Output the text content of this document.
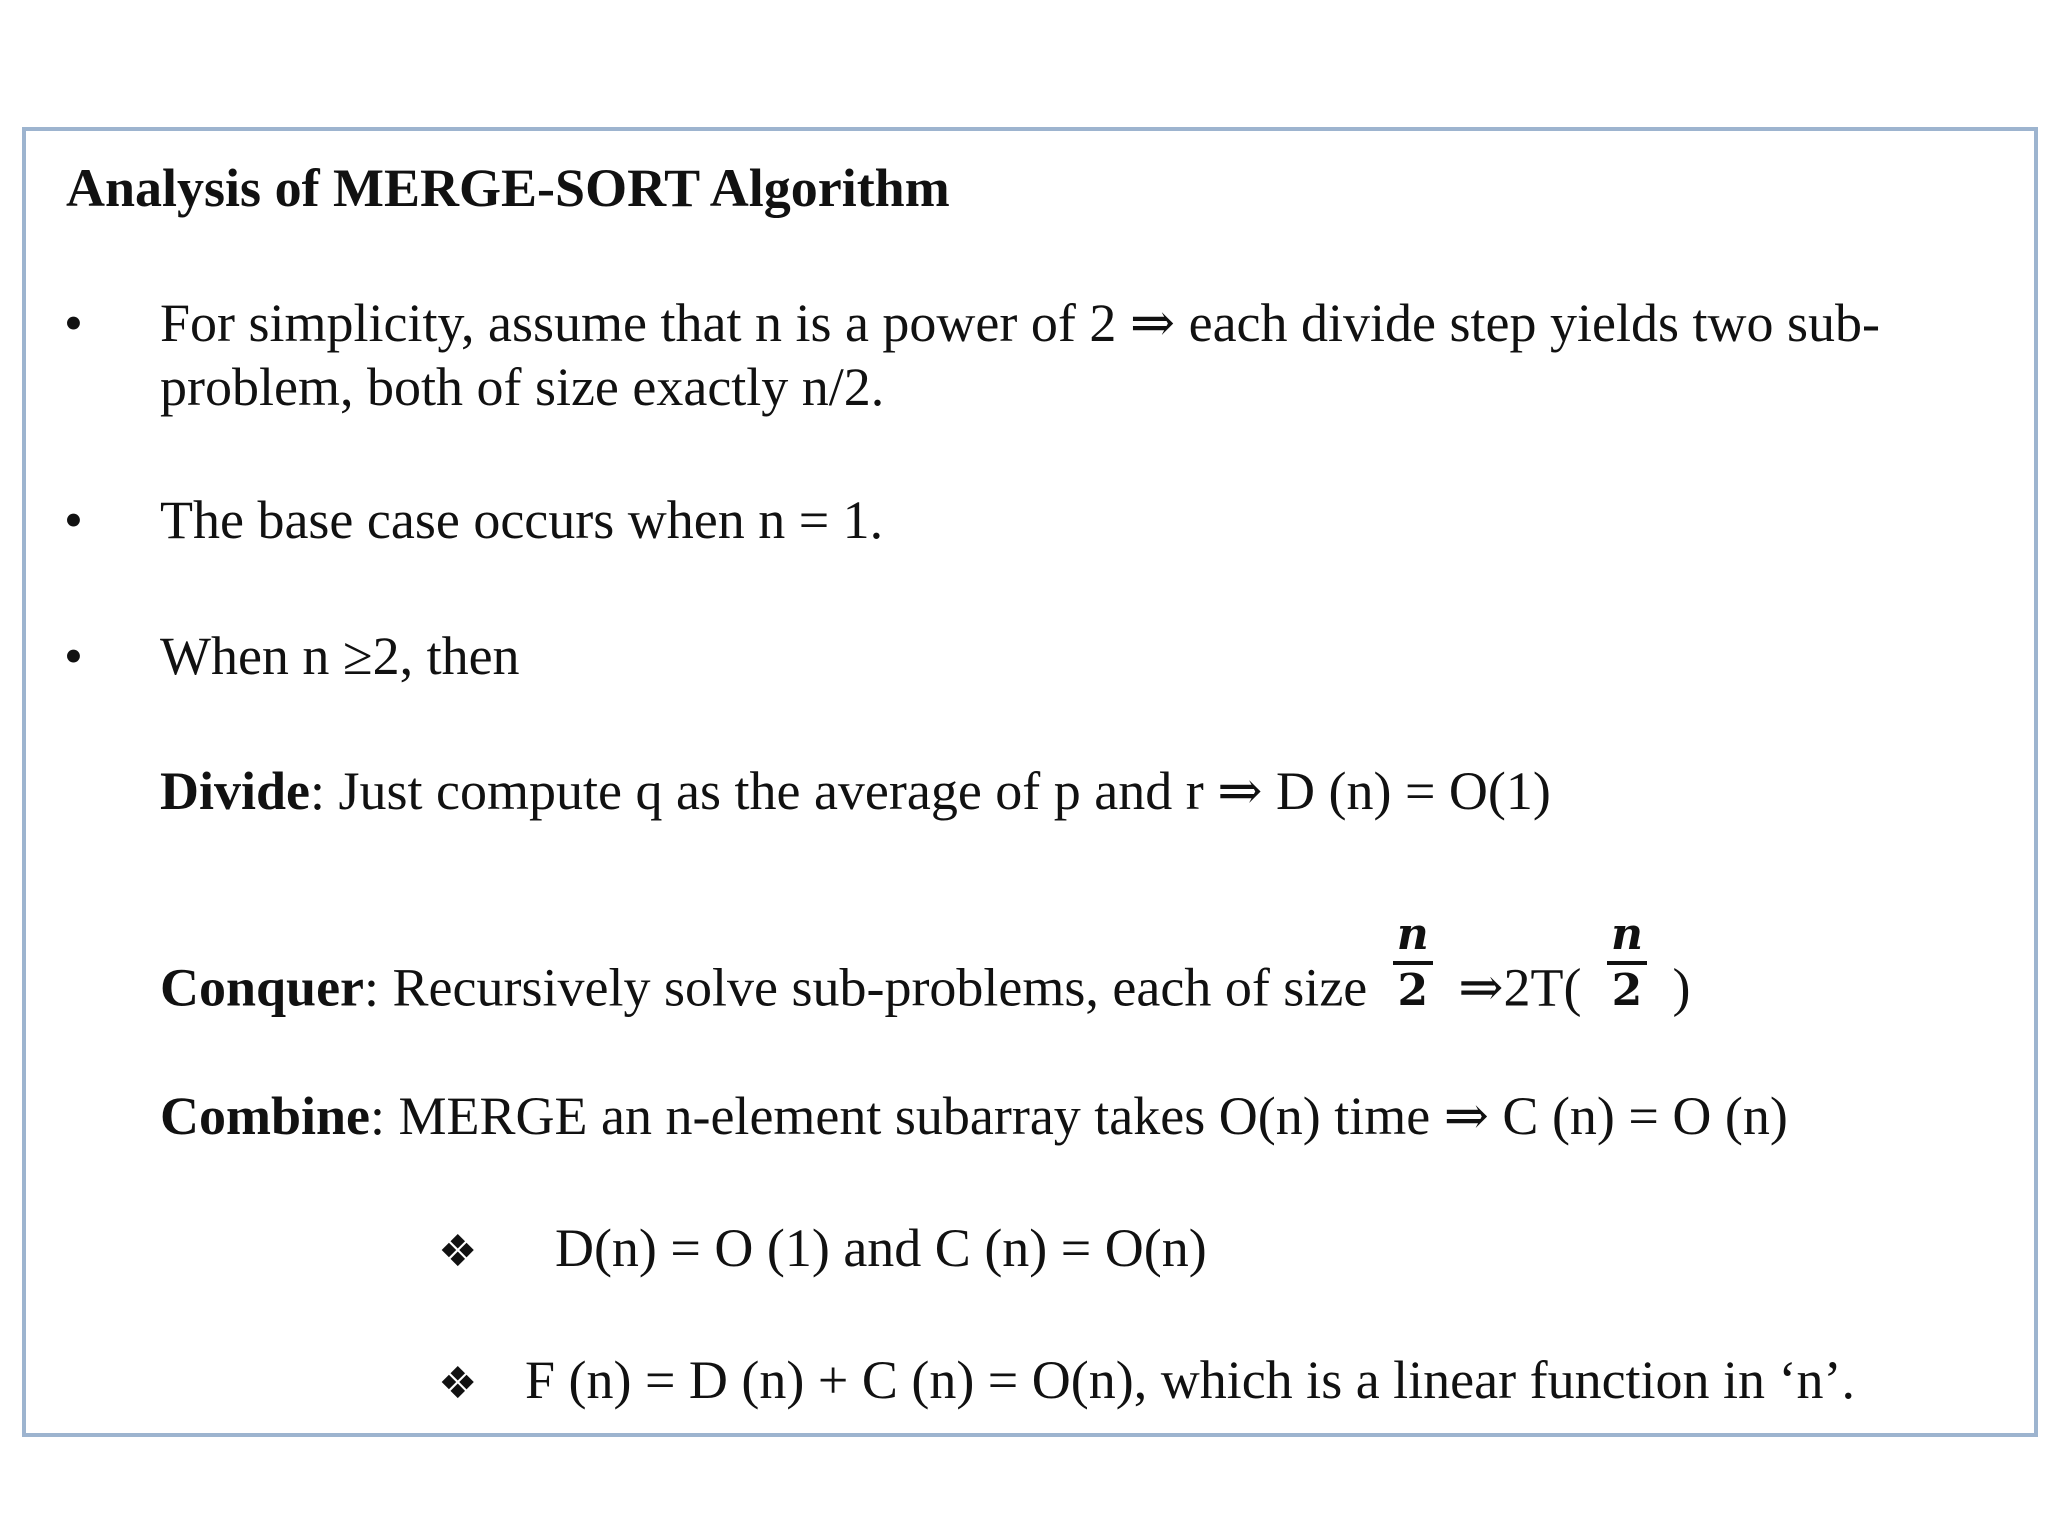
Analysis of MERGE-SORT Algorithm
•	For simplicity, assume that n is a power of 2 ⇒ each divide step yields two sub-problem, both of size exactly n/2.
•	The base case occurs when n = 1.
•	When n ≥2, then
Divide: Just compute q as the average of p and r ⇒ D (n) = O(1)
Conquer: Recursively solve sub-problems, each of size $\frac{n}{2}$ ⇒2T( $\frac{n}{2}$ )
Combine: MERGE an n-element subarray takes O(n) time ⇒ C (n) = O (n)
❖ D(n) = O (1) and C (n) = O(n)
❖ F (n) = D (n) + C (n) = O(n), which is a linear function in ‘n’.
